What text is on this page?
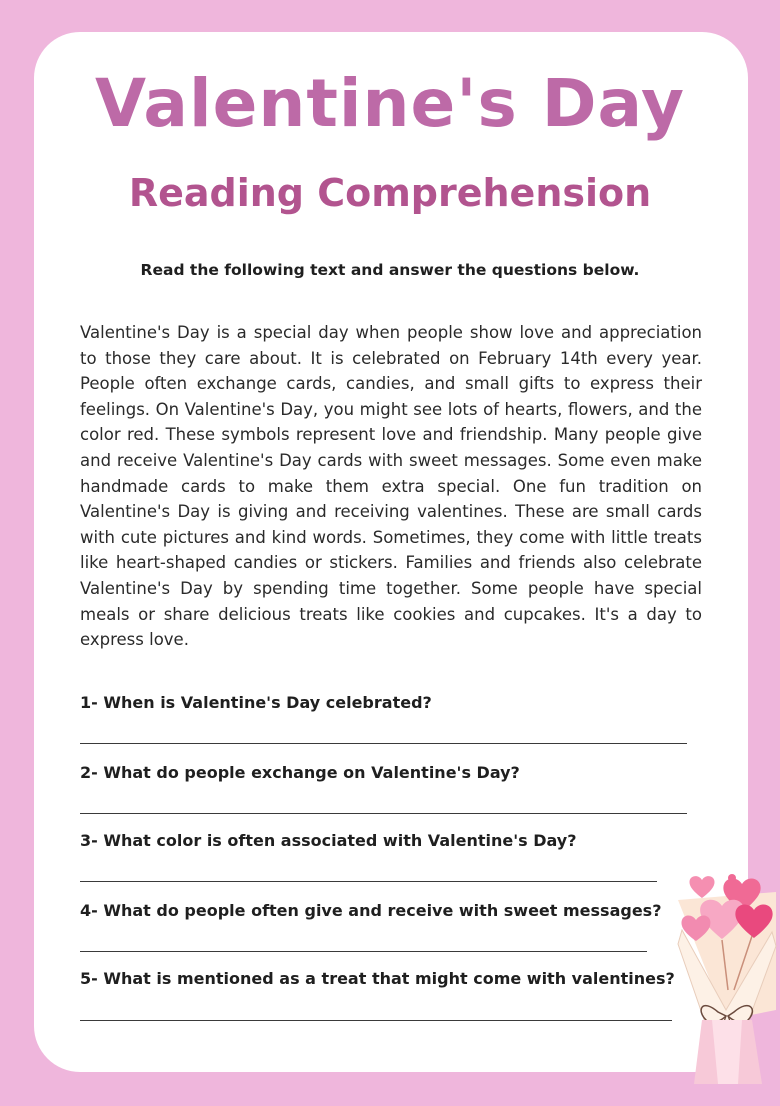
Valentine's Day
Reading Comprehension

Read the following text and answer the questions below.

Valentine's Day is a special day when people show love and appreciation to those they care about. It is celebrated on February 14th every year. People often exchange cards, candies, and small gifts to express their feelings. On Valentine's Day, you might see lots of hearts, flowers, and the color red. These symbols represent love and friendship. Many people give and receive Valentine's Day cards with sweet messages. Some even make handmade cards to make them extra special. One fun tradition on Valentine's Day is giving and receiving valentines. These are small cards with cute pictures and kind words. Sometimes, they come with little treats like heart-shaped candies or stickers. Families and friends also celebrate Valentine's Day by spending time together. Some people have special meals or share delicious treats like cookies and cupcakes. It's a day to express love.

1- When is Valentine's Day celebrated?

2- What do people exchange on Valentine's Day?

3- What color is often associated with Valentine's Day?

4- What do people often give and receive with sweet messages?

5- What is mentioned as a treat that might come with valentines?
